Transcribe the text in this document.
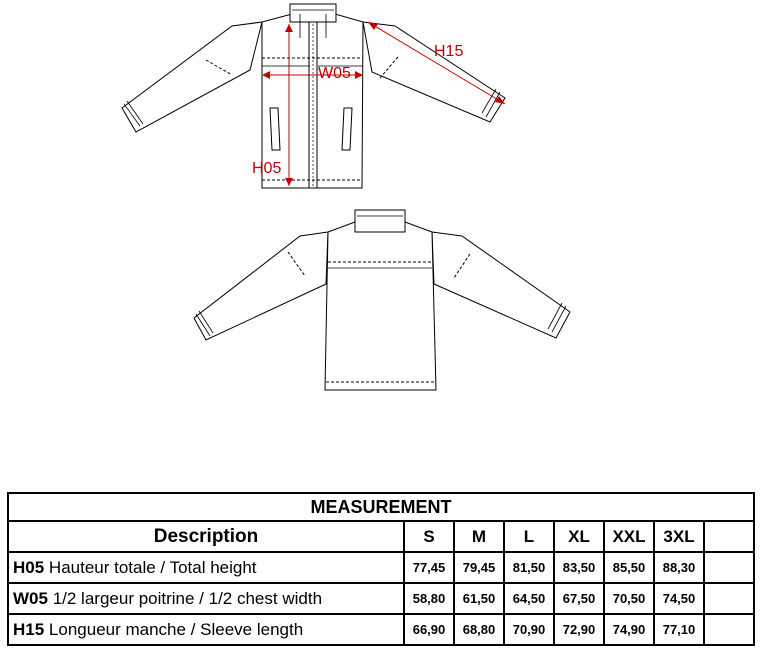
H05
W05
H15
MEASUREMENT							
Description	S	M	L	XL	XXL	3XL	
H05 Hauteur totale / Total height	77,45	79,45	81,50	83,50	85,50	88,30	
W05 1/2 largeur poitrine / 1/2 chest width	58,80	61,50	64,50	67,50	70,50	74,50	
H15 Longueur manche / Sleeve length	66,90	68,80	70,90	72,90	74,90	77,10	
